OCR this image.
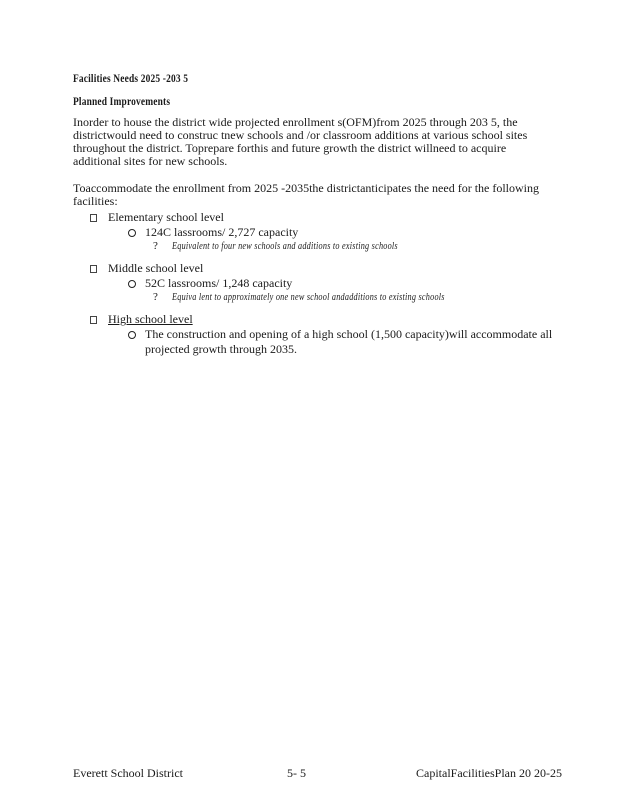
Facilities Needs 2025 -203 5
Planned Improvements
Inorder to house the district wide projected enrollment s(OFM)from 2025 through 203 5, the
districtwould need to construc tnew schools and /or classroom additions at various school sites
throughout the district. Toprepare forthis and future growth the district willneed to acquire
additional sites for new schools.
Toaccommodate the enrollment from 2025 -2035the districtanticipates the need for the following
facilities:
Elementary school level
124C lassrooms/ 2,727 capacity
? Equivalent to four new schools and additions to existing schools
Middle school level
52C lassrooms/ 1,248 capacity
? Equiva lent to approximately one new school andadditions to existing schools
High school level
The construction and opening of a high school (1,500 capacity)will accommodate all
projected growth through 2035.
Everett School District	5- 5	CapitalFacilitiesPlan 20 20-25
